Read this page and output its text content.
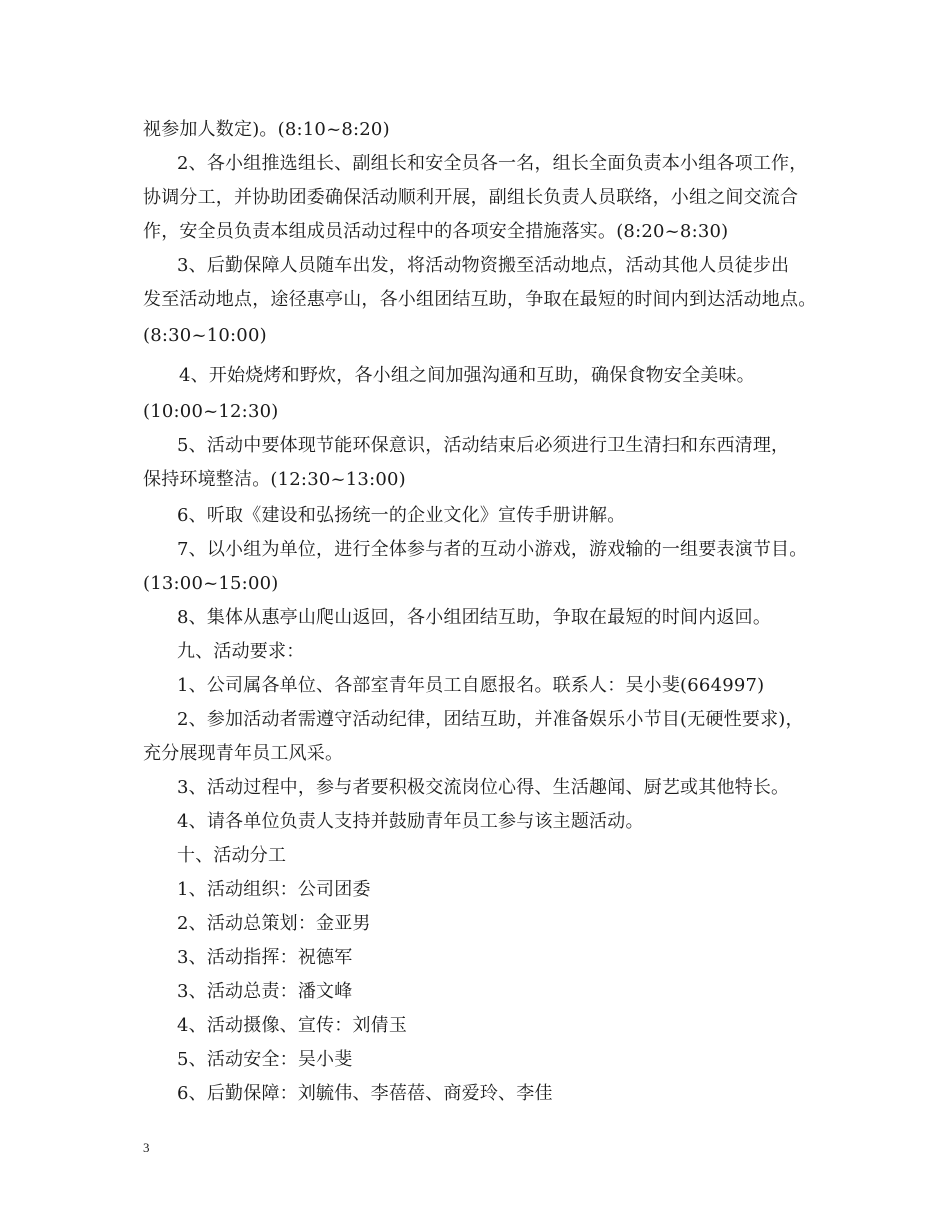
视参加人数定)。(8:10~8:20)
2、各小组推选组长、副组长和安全员各一名，组长全面负责本小组各项工作，
协调分工，并协助团委确保活动顺利开展，副组长负责人员联络，小组之间交流合
作，安全员负责本组成员活动过程中的各项安全措施落实。(8:20~8:30)
3、后勤保障人员随车出发，将活动物资搬至活动地点，活动其他人员徒步出
发至活动地点，途径惠亭山，各小组团结互助，争取在最短的时间内到达活动地点。
(8:30~10:00)
4、开始烧烤和野炊，各小组之间加强沟通和互助，确保食物安全美味。
(10:00~12:30)
5、活动中要体现节能环保意识，活动结束后必须进行卫生清扫和东西清理，
保持环境整洁。(12:30~13:00)
6、听取《建设和弘扬统一的企业文化》宣传手册讲解。
7、以小组为单位，进行全体参与者的互动小游戏，游戏输的一组要表演节目。
(13:00~15:00)
8、集体从惠亭山爬山返回，各小组团结互助，争取在最短的时间内返回。
九、活动要求：
1、公司属各单位、各部室青年员工自愿报名。联系人：吴小斐(664997)
2、参加活动者需遵守活动纪律，团结互助，并准备娱乐小节目(无硬性要求)，
充分展现青年员工风采。
3、活动过程中，参与者要积极交流岗位心得、生活趣闻、厨艺或其他特长。
4、请各单位负责人支持并鼓励青年员工参与该主题活动。
十、活动分工
1、活动组织：公司团委
2、活动总策划：金亚男
3、活动指挥：祝德军
3、活动总责：潘文峰
4、活动摄像、宣传：刘倩玉
5、活动安全：吴小斐
6、后勤保障：刘毓伟、李蓓蓓、商爱玲、李佳
3
